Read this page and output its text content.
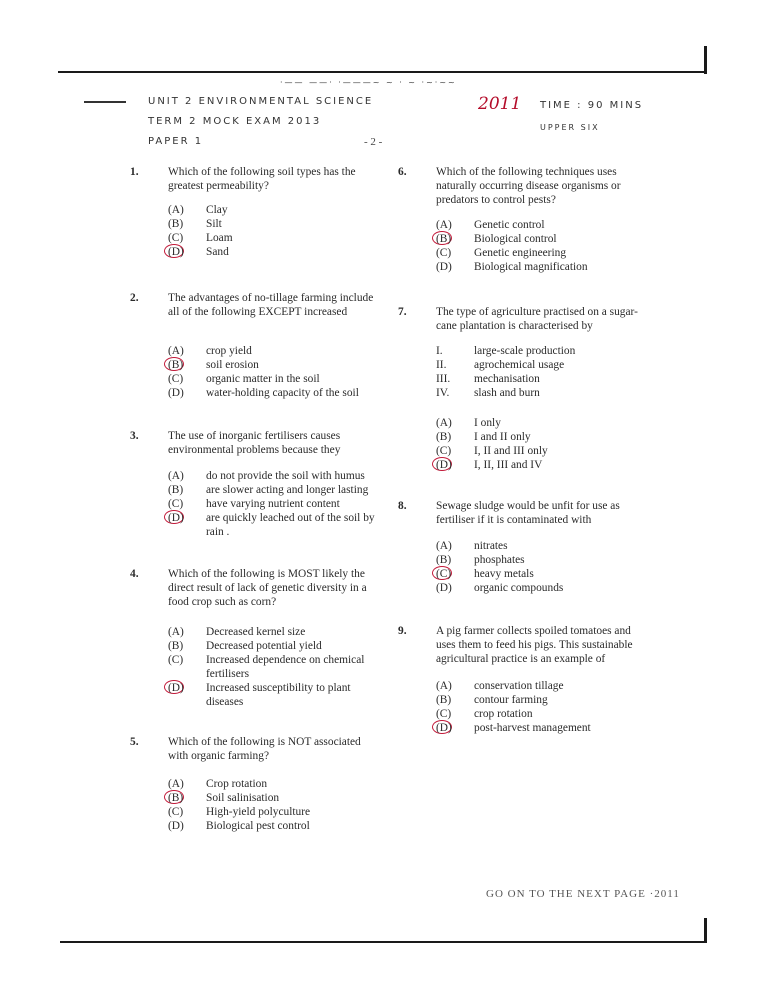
·—— ——· ·———~ ~ · ~ ·~·~~
UNIT 2 ENVIRONMENTAL SCIENCE	2011 TIME : 90 MINS
TERM 2 MOCK EXAM 2013
UPPER SIX
PAPER 1	- 2 -
1.	Which of the following soil types has the greatest permeability?
(A) Clay
(B) Silt
(C) Loam
(D) Sand
2.	The advantages of no-tillage farming include all of the following EXCEPT increased
(A) crop yield
(B) soil erosion
(C) organic matter in the soil
(D) water-holding capacity of the soil
3.	The use of inorganic fertilisers causes environmental problems because they
(A) do not provide the soil with humus
(B) are slower acting and longer lasting
(C) have varying nutrient content
(D) are quickly leached out of the soil by rain .
4.	Which of the following is MOST likely the direct result of lack of genetic diversity in a food crop such as corn?
(A) Decreased kernel size
(B) Decreased potential yield
(C) Increased dependence on chemical fertilisers
(D) Increased susceptibility to plant diseases
5.	Which of the following is NOT associated with organic farming?
(A) Crop rotation
(B) Soil salinisation
(C) High-yield polyculture
(D) Biological pest control
6.	Which of the following techniques uses naturally occurring disease organisms or predators to control pests?
(A) Genetic control
(B) Biological control
(C) Genetic engineering
(D) Biological magnification
7.	The type of agriculture practised on a sugar-cane plantation is characterised by
I.	large-scale production
II. agrochemical usage
III. mechanisation
IV. slash and burn
(A) I only
(B) I and II only
(C) I, II and III only
(D) I, II, III and IV
8.	Sewage sludge would be unfit for use as fertiliser if it is contaminated with
(A) nitrates
(B) phosphates
(C) heavy metals
(D) organic compounds
9.	A pig farmer collects spoiled tomatoes and uses them to feed his pigs. This sustainable agricultural practice is an example of
(A) conservation tillage
(B) contour farming
(C) crop rotation
(D) post-harvest management
GO ON TO THE NEXT PAGE ·2011
